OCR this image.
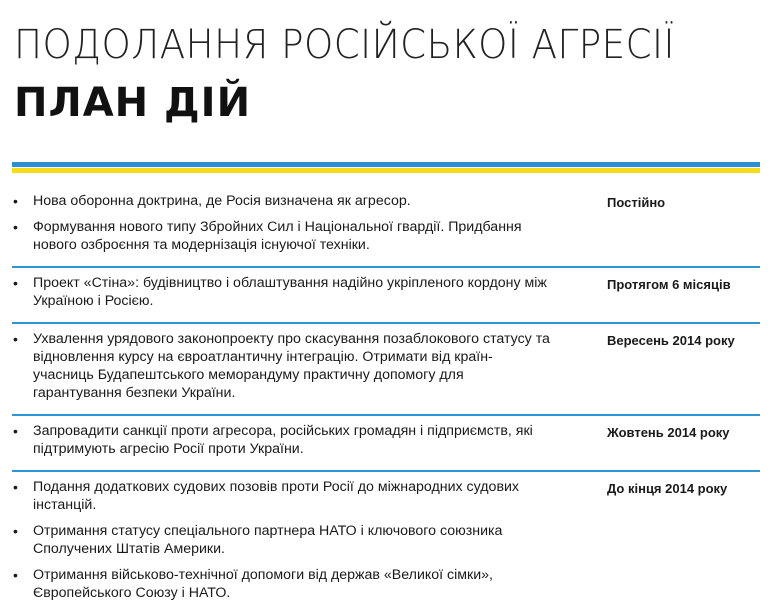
ПОДОЛАННЯ РОСІЙСЬКОЇ АГРЕСІЇ
ПЛАН ДІЙ
• Нова оборонна доктрина, де Росія визначена як агресор.
• Формування нового типу Збройних Сил і Національної гвардії. Придбання нового озброєння та модернізація існуючої техніки.
Постійно
• Проект «Стіна»: будівництво і облаштування надійно укріпленого кордону між Україною і Росією.
Протягом 6 місяців
• Ухвалення урядового законопроекту про скасування позаблокового статусу та відновлення курсу на євроатлантичну інтеграцію. Отримати від країн-учасниць Будапештського меморандуму практичну допомогу для гарантування безпеки України.
Вересень 2014 року
• Запровадити санкції проти агресора, російських громадян і підприємств, які підтримують агресію Росії проти України.
Жовтень 2014 року
• Подання додаткових судових позовів проти Росії до міжнародних судових інстанцій.
• Отримання статусу спеціального партнера НАТО і ключового союзника Сполучених Штатів Америки.
• Отримання військово-технічної допомоги від держав «Великої сімки», Європейського Союзу і НАТО.
До кінця 2014 року
